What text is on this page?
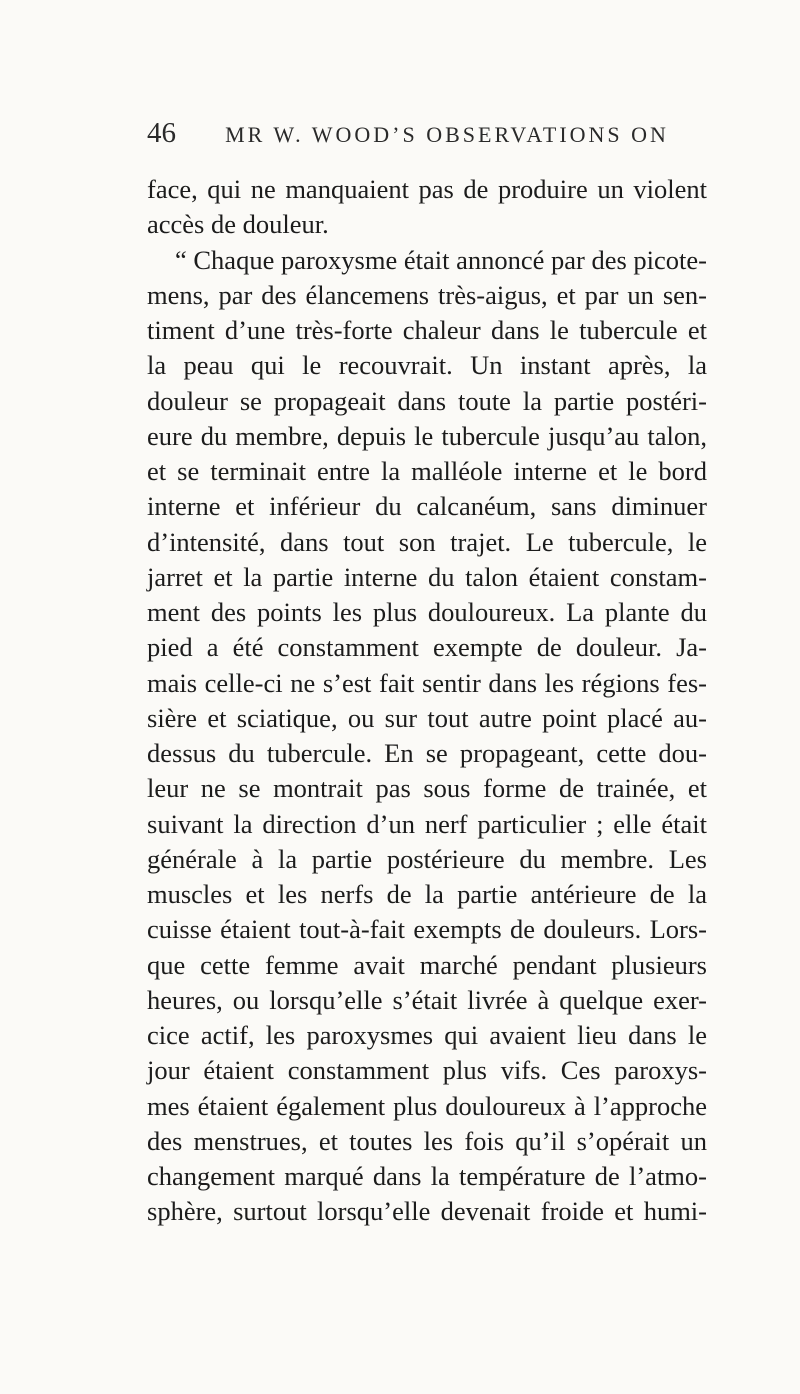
46	MR W. WOOD’S OBSERVATIONS ON
face, qui ne manquaient pas de produire un violent
accès de douleur.
“ Chaque paroxysme était annoncé par des picote-
mens, par des élancemens très-aigus, et par un sen-
timent d’une très-forte chaleur dans le tubercule et
la peau qui le recouvrait. Un instant après, la
douleur se propageait dans toute la partie postéri-
eure du membre, depuis le tubercule jusqu’au talon,
et se terminait entre la malléole interne et le bord
interne et inférieur du calcanéum, sans diminuer
d’intensité, dans tout son trajet. Le tubercule, le
jarret et la partie interne du talon étaient constam-
ment des points les plus douloureux. La plante du
pied a été constamment exempte de douleur. Ja-
mais celle-ci ne s’est fait sentir dans les régions fes-
sière et sciatique, ou sur tout autre point placé au-
dessus du tubercule. En se propageant, cette dou-
leur ne se montrait pas sous forme de trainée, et
suivant la direction d’un nerf particulier ; elle était
générale à la partie postérieure du membre. Les
muscles et les nerfs de la partie antérieure de la
cuisse étaient tout-à-fait exempts de douleurs. Lors-
que cette femme avait marché pendant plusieurs
heures, ou lorsqu’elle s’était livrée à quelque exer-
cice actif, les paroxysmes qui avaient lieu dans le
jour étaient constamment plus vifs. Ces paroxys-
mes étaient également plus douloureux à l’approche
des menstrues, et toutes les fois qu’il s’opérait un
changement marqué dans la température de l’atmo-
sphère, surtout lorsqu’elle devenait froide et humi-
